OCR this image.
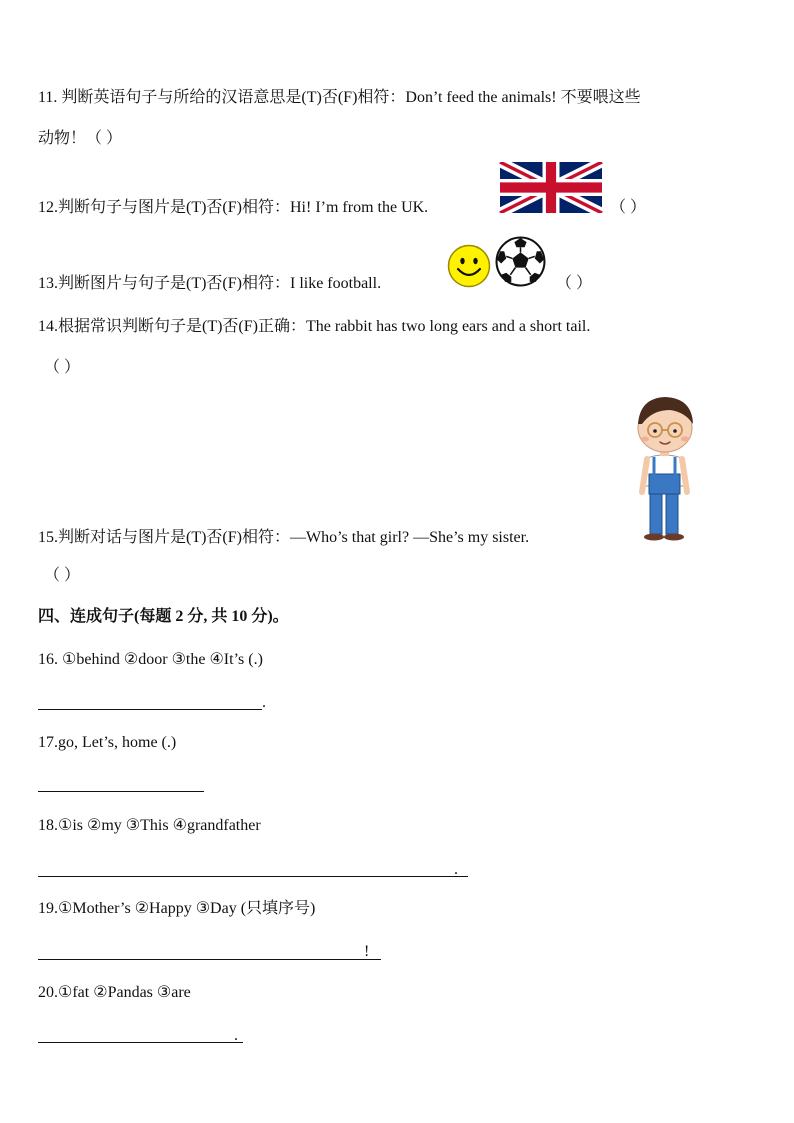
11. 判断英语句子与所给的汉语意思是(T)否(F)相符：Don’t feed the animals! 不要喂这些
动物！（ ）
12.判断句子与图片是(T)否(F)相符：Hi! I’m from the UK.	（ ）
13.判断图片与句子是(T)否(F)相符：I like football.	（ ）
14.根据常识判断句子是(T)否(F)正确：The rabbit has two long ears and a short tail.
（ ）
15.判断对话与图片是(T)否(F)相符：—Who’s that girl? —She’s my sister.
（ ）
四、连成句子(每题 2 分, 共 10 分)。
16. ①behind ②door ③the ④It’s (.)
.
17.go, Let’s, home (.)
18.①is ②my ③This ④grandfather
.
19.①Mother’s ②Happy ③Day (只填序号)
!
20.①fat ②Pandas ③are
.
